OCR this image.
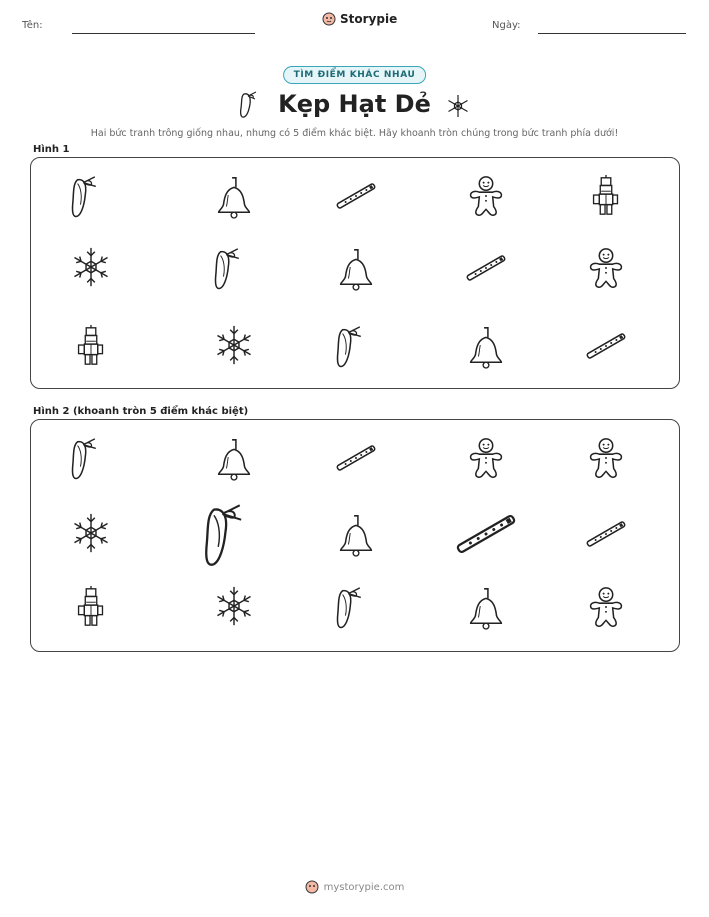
Tên:	Storypie	Ngày:
TÌM ĐIỂM KHÁC NHAU
Kẹp Hạt Dẻ
Hai bức tranh trông giống nhau, nhưng có 5 điểm khác biệt. Hãy khoanh tròn chúng trong bức tranh phía dưới!
Hình 1
Hình 2 (khoanh tròn 5 điểm khác biệt)
mystorypie.com
